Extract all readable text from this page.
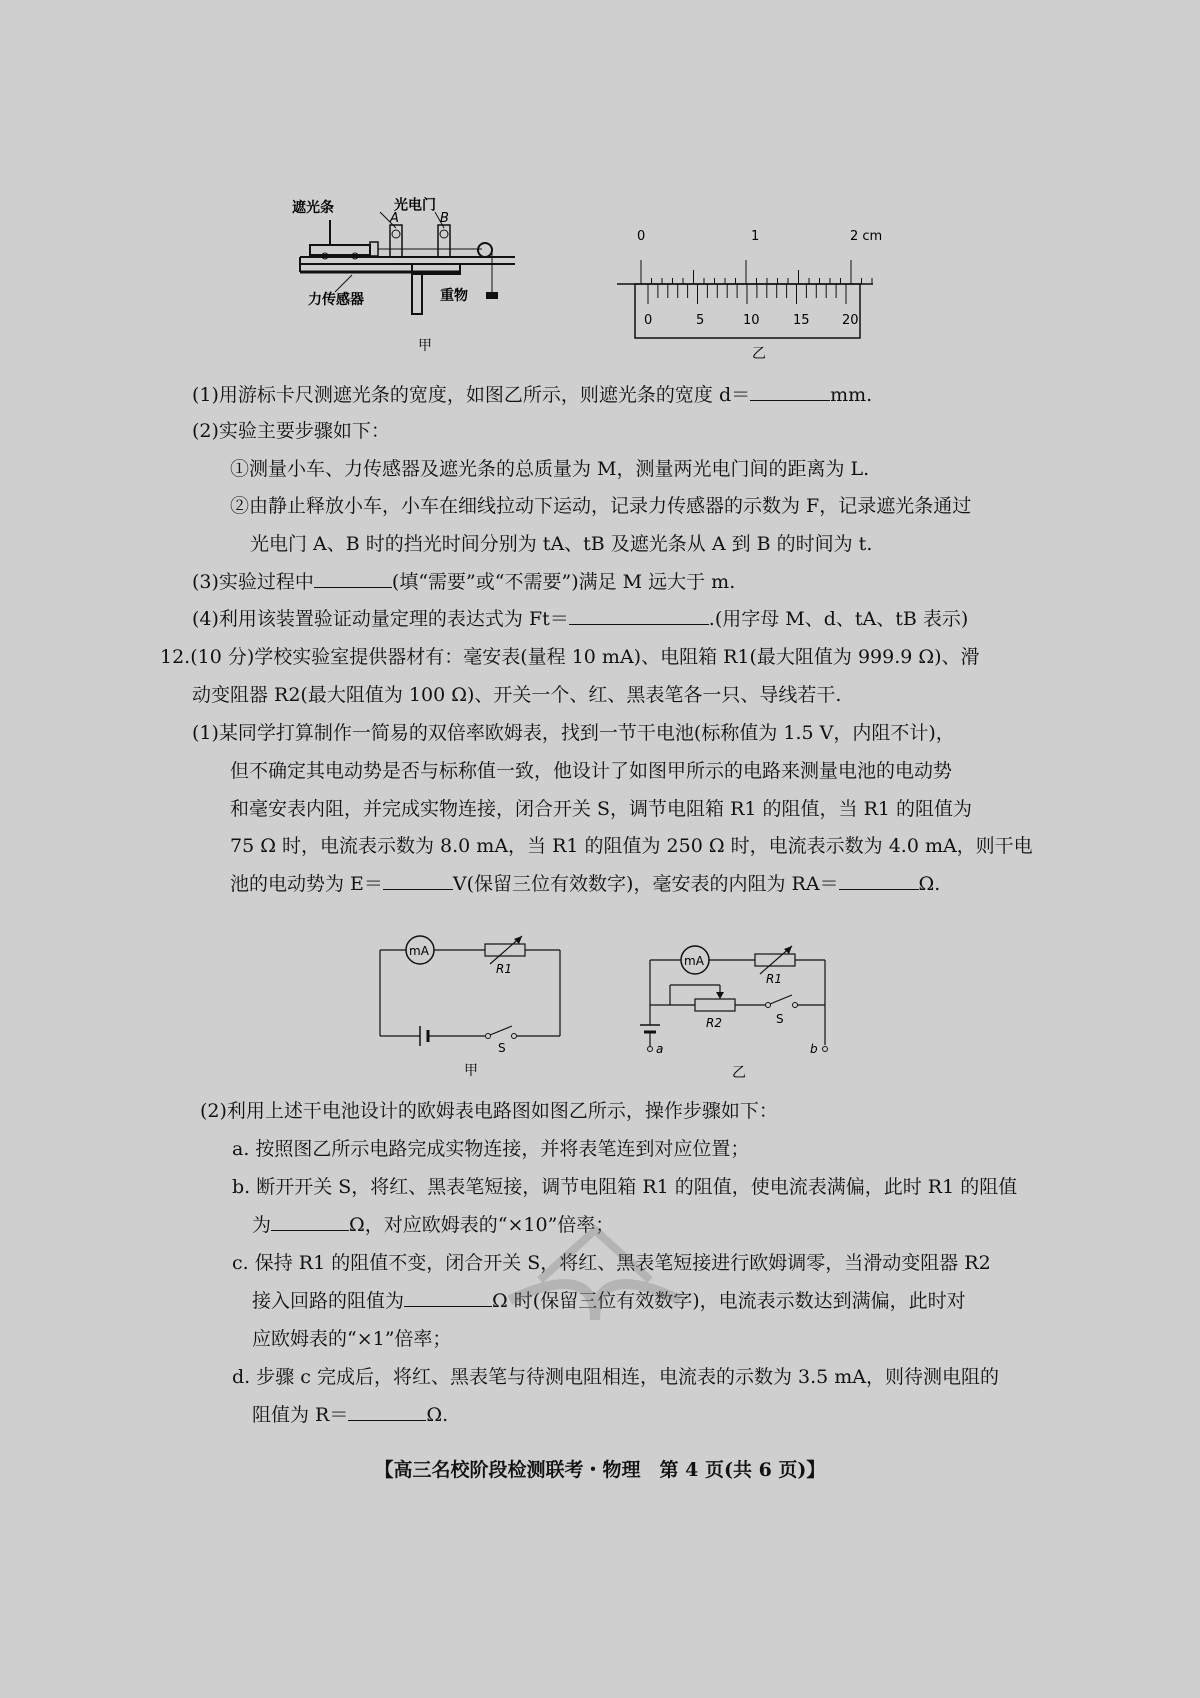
遮光条	光电门
A	B
力传感器	重物
甲
0	1	2 cm
0	5	10	15 20
乙
(1)用游标卡尺测遮光条的宽度，如图乙所示，则遮光条的宽度 d＝	mm.
(2)实验主要步骤如下：
①测量小车、力传感器及遮光条的总质量为 M，测量两光电门间的距离为 L.
②由静止释放小车，小车在细线拉动下运动，记录力传感器的示数为 F，记录遮光条通过
光电门 A、B 时的挡光时间分别为 tA、tB 及遮光条从 A 到 B 的时间为 t.
(3)实验过程中	(填“需要”或“不需要”)满足 M 远大于 m.
(4)利用该装置验证动量定理的表达式为 Ft＝	.(用字母 M、d、tA、tB 表示)
12.(10 分)学校实验室提供器材有：毫安表(量程 10 mA)、电阻箱 R1(最大阻值为 999.9 Ω)、滑
动变阻器 R2(最大阻值为 100 Ω)、开关一个、红、黑表笔各一只、导线若干.
(1)某同学打算制作一简易的双倍率欧姆表，找到一节干电池(标称值为 1.5 V，内阻不计)，
但不确定其电动势是否与标称值一致，他设计了如图甲所示的电路来测量电池的电动势
和毫安表内阻，并完成实物连接，闭合开关 S，调节电阻箱 R1 的阻值，当 R1 的阻值为
75 Ω 时，电流表示数为 8.0 mA，当 R1 的阻值为 250 Ω 时，电流表示数为 4.0 mA，则干电
池的电动势为 E＝	V(保留三位有效数字)，毫安表的内阻为 RA＝	Ω.
mA
R1
S
甲
mA
R1
R2	S
a	b
乙
(2)利用上述干电池设计的欧姆表电路图如图乙所示，操作步骤如下：
a. 按照图乙所示电路完成实物连接，并将表笔连到对应位置；
b. 断开开关 S，将红、黑表笔短接，调节电阻箱 R1 的阻值，使电流表满偏，此时 R1 的阻值
为	Ω，对应欧姆表的“×10”倍率；
c. 保持 R1 的阻值不变，闭合开关 S，将红、黑表笔短接进行欧姆调零，当滑动变阻器 R2
接入回路的阻值为	Ω 时(保留三位有效数字)，电流表示数达到满偏，此时对
应欧姆表的“×1”倍率；
d. 步骤 c 完成后，将红、黑表笔与待测电阻相连，电流表的示数为 3.5 mA，则待测电阻的
阻值为 R＝	Ω.
【高三名校阶段检测联考・物理　第 4 页(共 6 页)】
